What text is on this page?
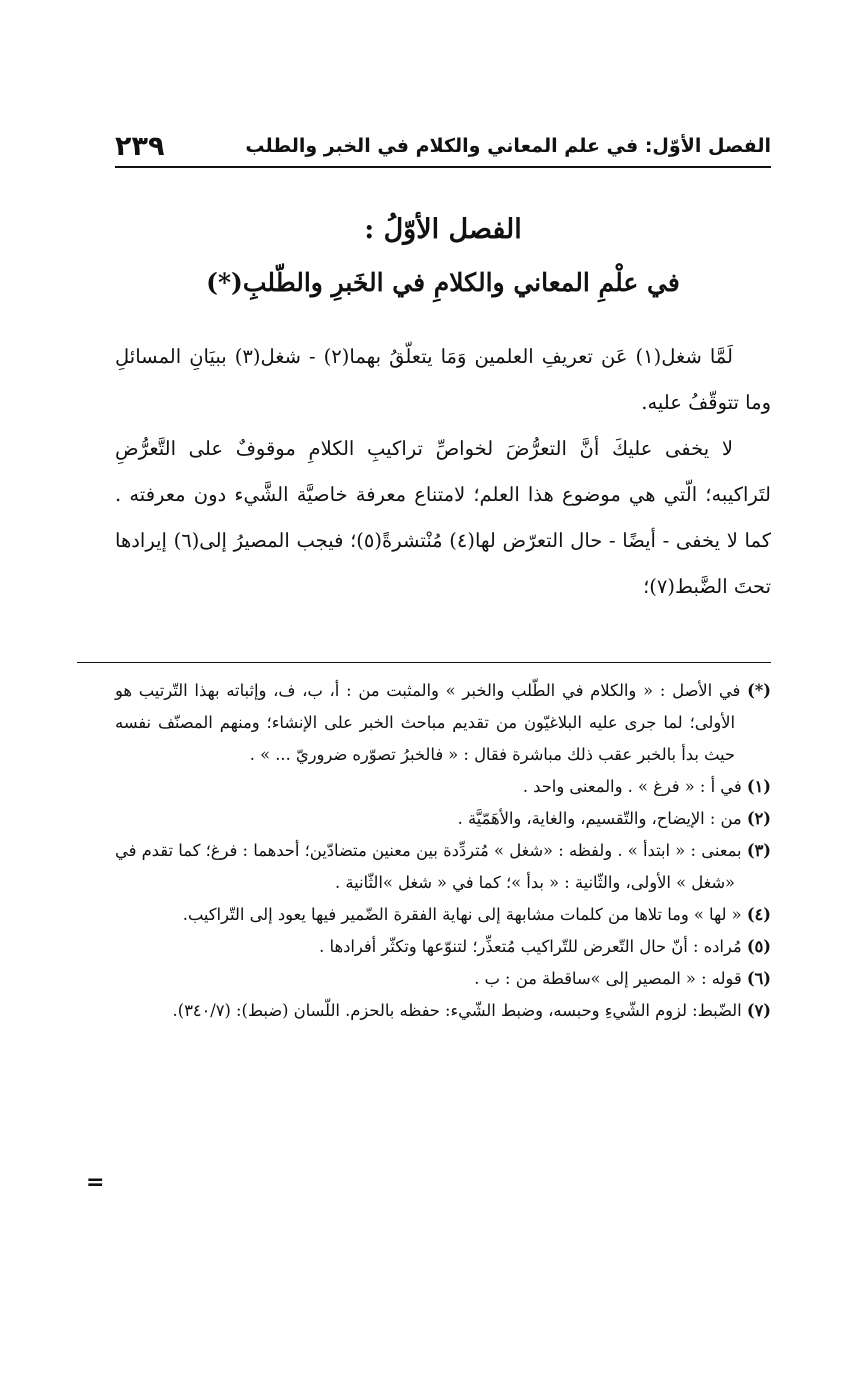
الفصل الأوّل: في علم المعاني والكلام في الخبر والطلب
٢٣٩
الفصل الأوّلُ :
في علْمِ المعاني والكلامِ في الخَبرِ والطّلبِ(*)

لَمَّا شغل(١) عَن تعريفِ العلمين وَمَا يتعلّقُ بهما(٢) - شغل(٣) ببيَانِ المسائلِ وما تتوقّفُ عليه.

لا يخفى عليكَ أنَّ التعرُّضَ لخواصِّ تراكيبِ الكلامِ موقوفٌ على التَّعرُّضِ لتَراكيبه؛ الّتي هي موضوع هذا العلم؛ لامتناع معرفة خاصيَّة الشَّيء دون معرفته . كما لا يخفى - أيضًا - حال التعرّض لها(٤) مُنْتشرةً(٥)؛ فيجب المصيرُ إلى(٦) إيرادها تحتَ الضَّبط(٧)؛

(*) في الأصل : « والكلام في الطّلب والخبر » والمثبت من : أ، ب، ف، وإثباته بهذا التّرتيب هو الأولى؛ لما جرى عليه البلاغيّون من تقديم مباحث الخبر على الإنشاء؛ ومنهم المصنّف نفسه حيث بدأ بالخبر عقب ذلك مباشرة فقال : « فالخبرُ تصوّره ضروريّ ... » .

(١) في أ : « فرغ » . والمعنى واحد .

(٢) من : الإيضاح، والتّقسيم، والغاية، والأهَمّيَّة .

(٣) بمعنى : « ابتدأ » . ولفظه : «شغل » مُتردِّدة بين معنين متضادّين؛ أحدهما : فرغ؛ كما تقدم في «شغل » الأولى، والثّانية : « بدأ »؛ كما في « شغل »الثّانية .

(٤) « لها » وما تلاها من كلمات مشابهة إلى نهاية الفقرة الضّمير فيها يعود إلى التّراكيب.

(٥) مُراده : أنّ حال التّعرض للتّراكيب مُتعذِّر؛ لتنوّعها وتكثّر أفرادها .

(٦) قوله : « المصير إلى »ساقطة من : ب .

(٧) الضّبط: لزوم الشّيءِ وحبسه، وضبط الشّيء: حفظه بالحزم. اللّسان (ضبط): (٣٤٠/٧).

=
